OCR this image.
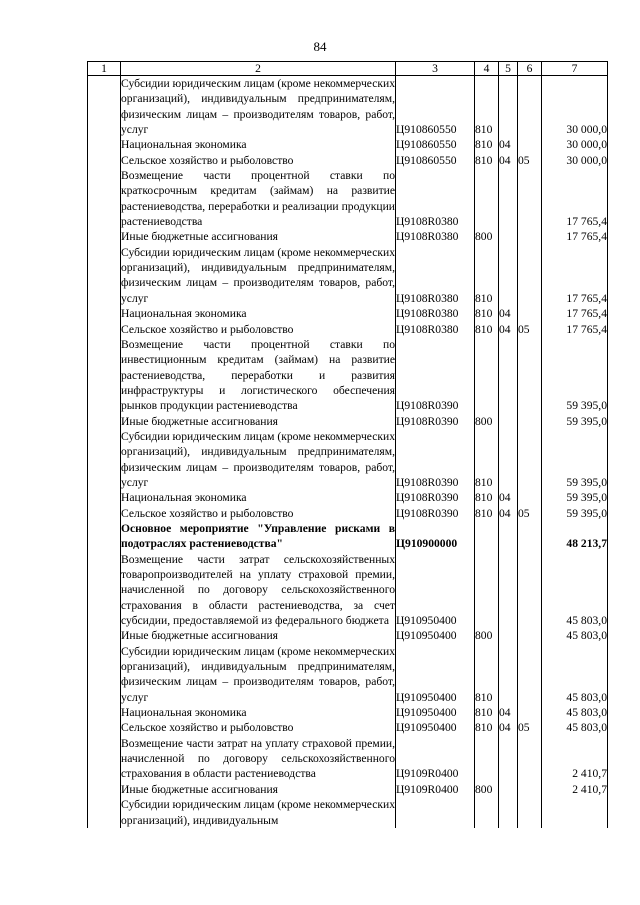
84
1	2	3	4	5	6	7
	Субсидии юридическим лицам (кроме некоммерческих организаций), индивидуальным предпринимателям, физическим лицам – производителям товаров, работ, услуг	Ц910860550	810			30 000,0
	Национальная экономика	Ц910860550	810	04		30 000,0
	Сельское хозяйство и рыболовство	Ц910860550	810	04	05	30 000,0
	Возмещение части процентной ставки по краткосрочным кредитам (займам) на развитие растениеводства, переработки и реализации продукции растениеводства	Ц9108R0380				17 765,4
	Иные бюджетные ассигнования	Ц9108R0380	800			17 765,4
	Субсидии юридическим лицам (кроме некоммерческих организаций), индивидуальным предпринимателям, физическим лицам – производителям товаров, работ, услуг	Ц9108R0380	810			17 765,4
	Национальная экономика	Ц9108R0380	810	04		17 765,4
	Сельское хозяйство и рыболовство	Ц9108R0380	810	04	05	17 765,4
	Возмещение части процентной ставки по инвестиционным кредитам (займам) на развитие растениеводства, переработки и развития инфраструктуры и логистического обеспечения рынков продукции растениеводства	Ц9108R0390				59 395,0
	Иные бюджетные ассигнования	Ц9108R0390	800			59 395,0
	Субсидии юридическим лицам (кроме некоммерческих организаций), индивидуальным предпринимателям, физическим лицам – производителям товаров, работ, услуг	Ц9108R0390	810			59 395,0
	Национальная экономика	Ц9108R0390	810	04		59 395,0
	Сельское хозяйство и рыболовство	Ц9108R0390	810	04	05	59 395,0
	Основное мероприятие "Управление рисками в подотраслях растениеводства"	Ц910900000				48 213,7
	Возмещение части затрат сельскохозяйственных товаропроизводителей на уплату страховой премии, начисленной по договору сельскохозяйственного страхования в области растениеводства, за счет субсидии, предоставляемой из федерального бюджета	Ц910950400				45 803,0
	Иные бюджетные ассигнования	Ц910950400	800			45 803,0
	Субсидии юридическим лицам (кроме некоммерческих организаций), индивидуальным предпринимателям, физическим лицам – производителям товаров, работ, услуг	Ц910950400	810			45 803,0
	Национальная экономика	Ц910950400	810	04		45 803,0
	Сельское хозяйство и рыболовство	Ц910950400	810	04	05	45 803,0
	Возмещение части затрат на уплату страховой премии, начисленной по договору сельскохозяйственного страхования в области растениеводства	Ц9109R0400				2 410,7
	Иные бюджетные ассигнования	Ц9109R0400	800			2 410,7
	Субсидии юридическим лицам (кроме некоммерческих организаций), индивидуальным					
